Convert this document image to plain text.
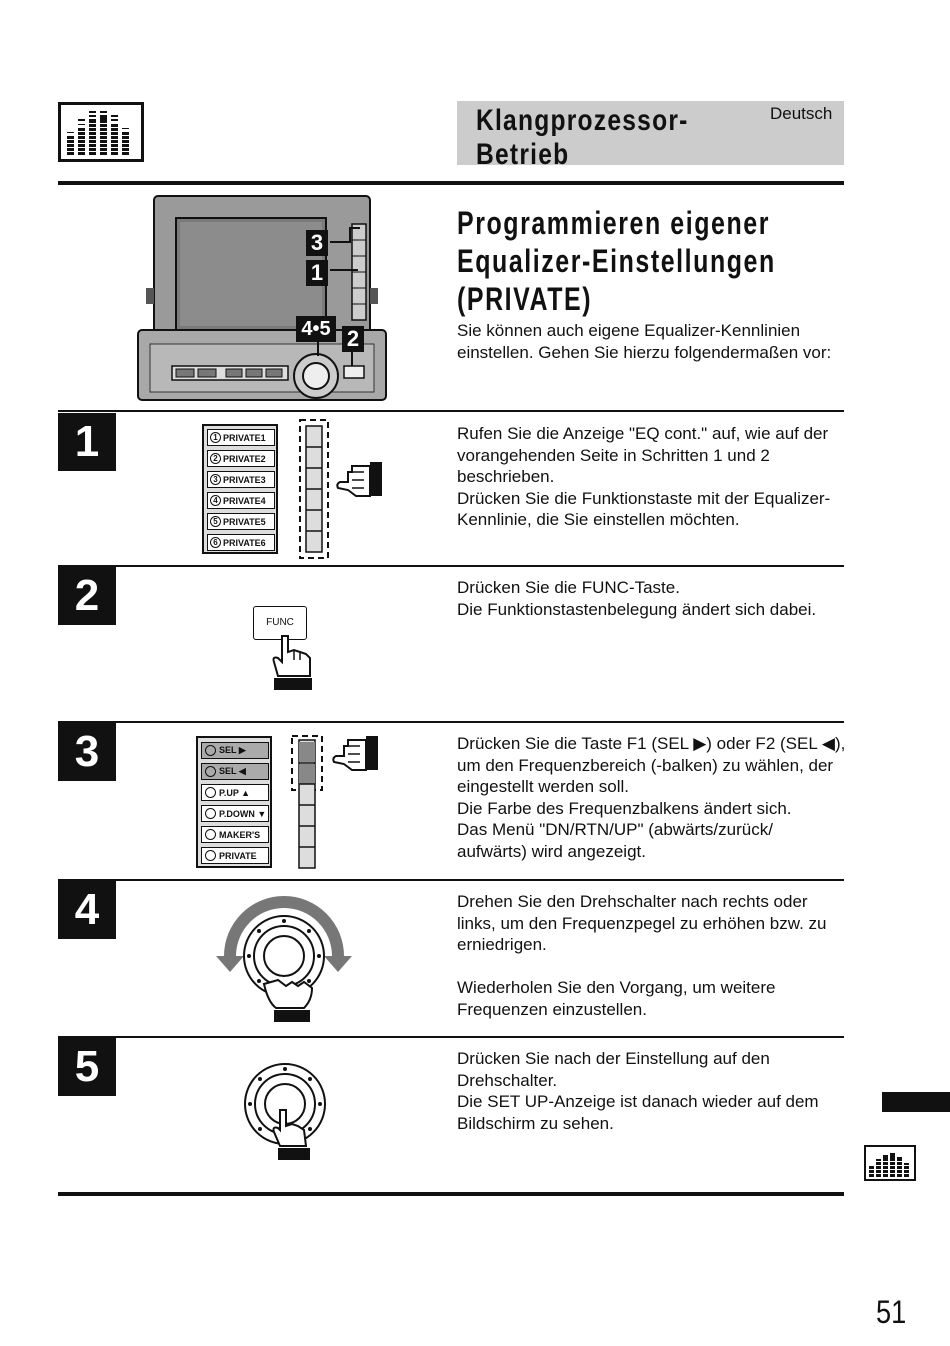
Klangprozessor-
Betrieb
Deutsch
3
1
4•5 2
Programmieren eigener
Equalizer-Einstellungen
(PRIVATE)
Sie können auch eigene Equalizer-Kennlinien einstellen. Gehen Sie hierzu folgendermaßen vor:
1	Rufen Sie die Anzeige "EQ cont." auf, wie auf der vorangehenden Seite in Schritten 1 und 2 beschrieben.
Drücken Sie die Funktionstaste mit der Equalizer-Kennlinie, die Sie einstellen möchten.
1 PRIVATE1
2 PRIVATE2
3 PRIVATE3
4 PRIVATE4
5 PRIVATE5
6 PRIVATE6
2	Drücken Sie die FUNC-Taste.
Die Funktionstastenbelegung ändert sich dabei.
FUNC
3	Drücken Sie die Taste F1 (SEL ▶) oder F2 (SEL ◀), um den Frequenzbereich (-balken) zu wählen, der eingestellt werden soll.
Die Farbe des Frequenzbalkens ändert sich.
Das Menü "DN/RTN/UP" (abwärts/zurück/ aufwärts) wird angezeigt.
SEL ▶
SEL ◀
P.UP ▲
P.DOWN ▼
MAKER'S
PRIVATE
4	Drehen Sie den Drehschalter nach rechts oder links, um den Frequenzpegel zu erhöhen bzw. zu erniedrigen.

Wiederholen Sie den Vorgang, um weitere Frequenzen einzustellen.
5	Drücken Sie nach der Einstellung auf den Drehschalter.
Die SET UP-Anzeige ist danach wieder auf dem Bildschirm zu sehen.
51
